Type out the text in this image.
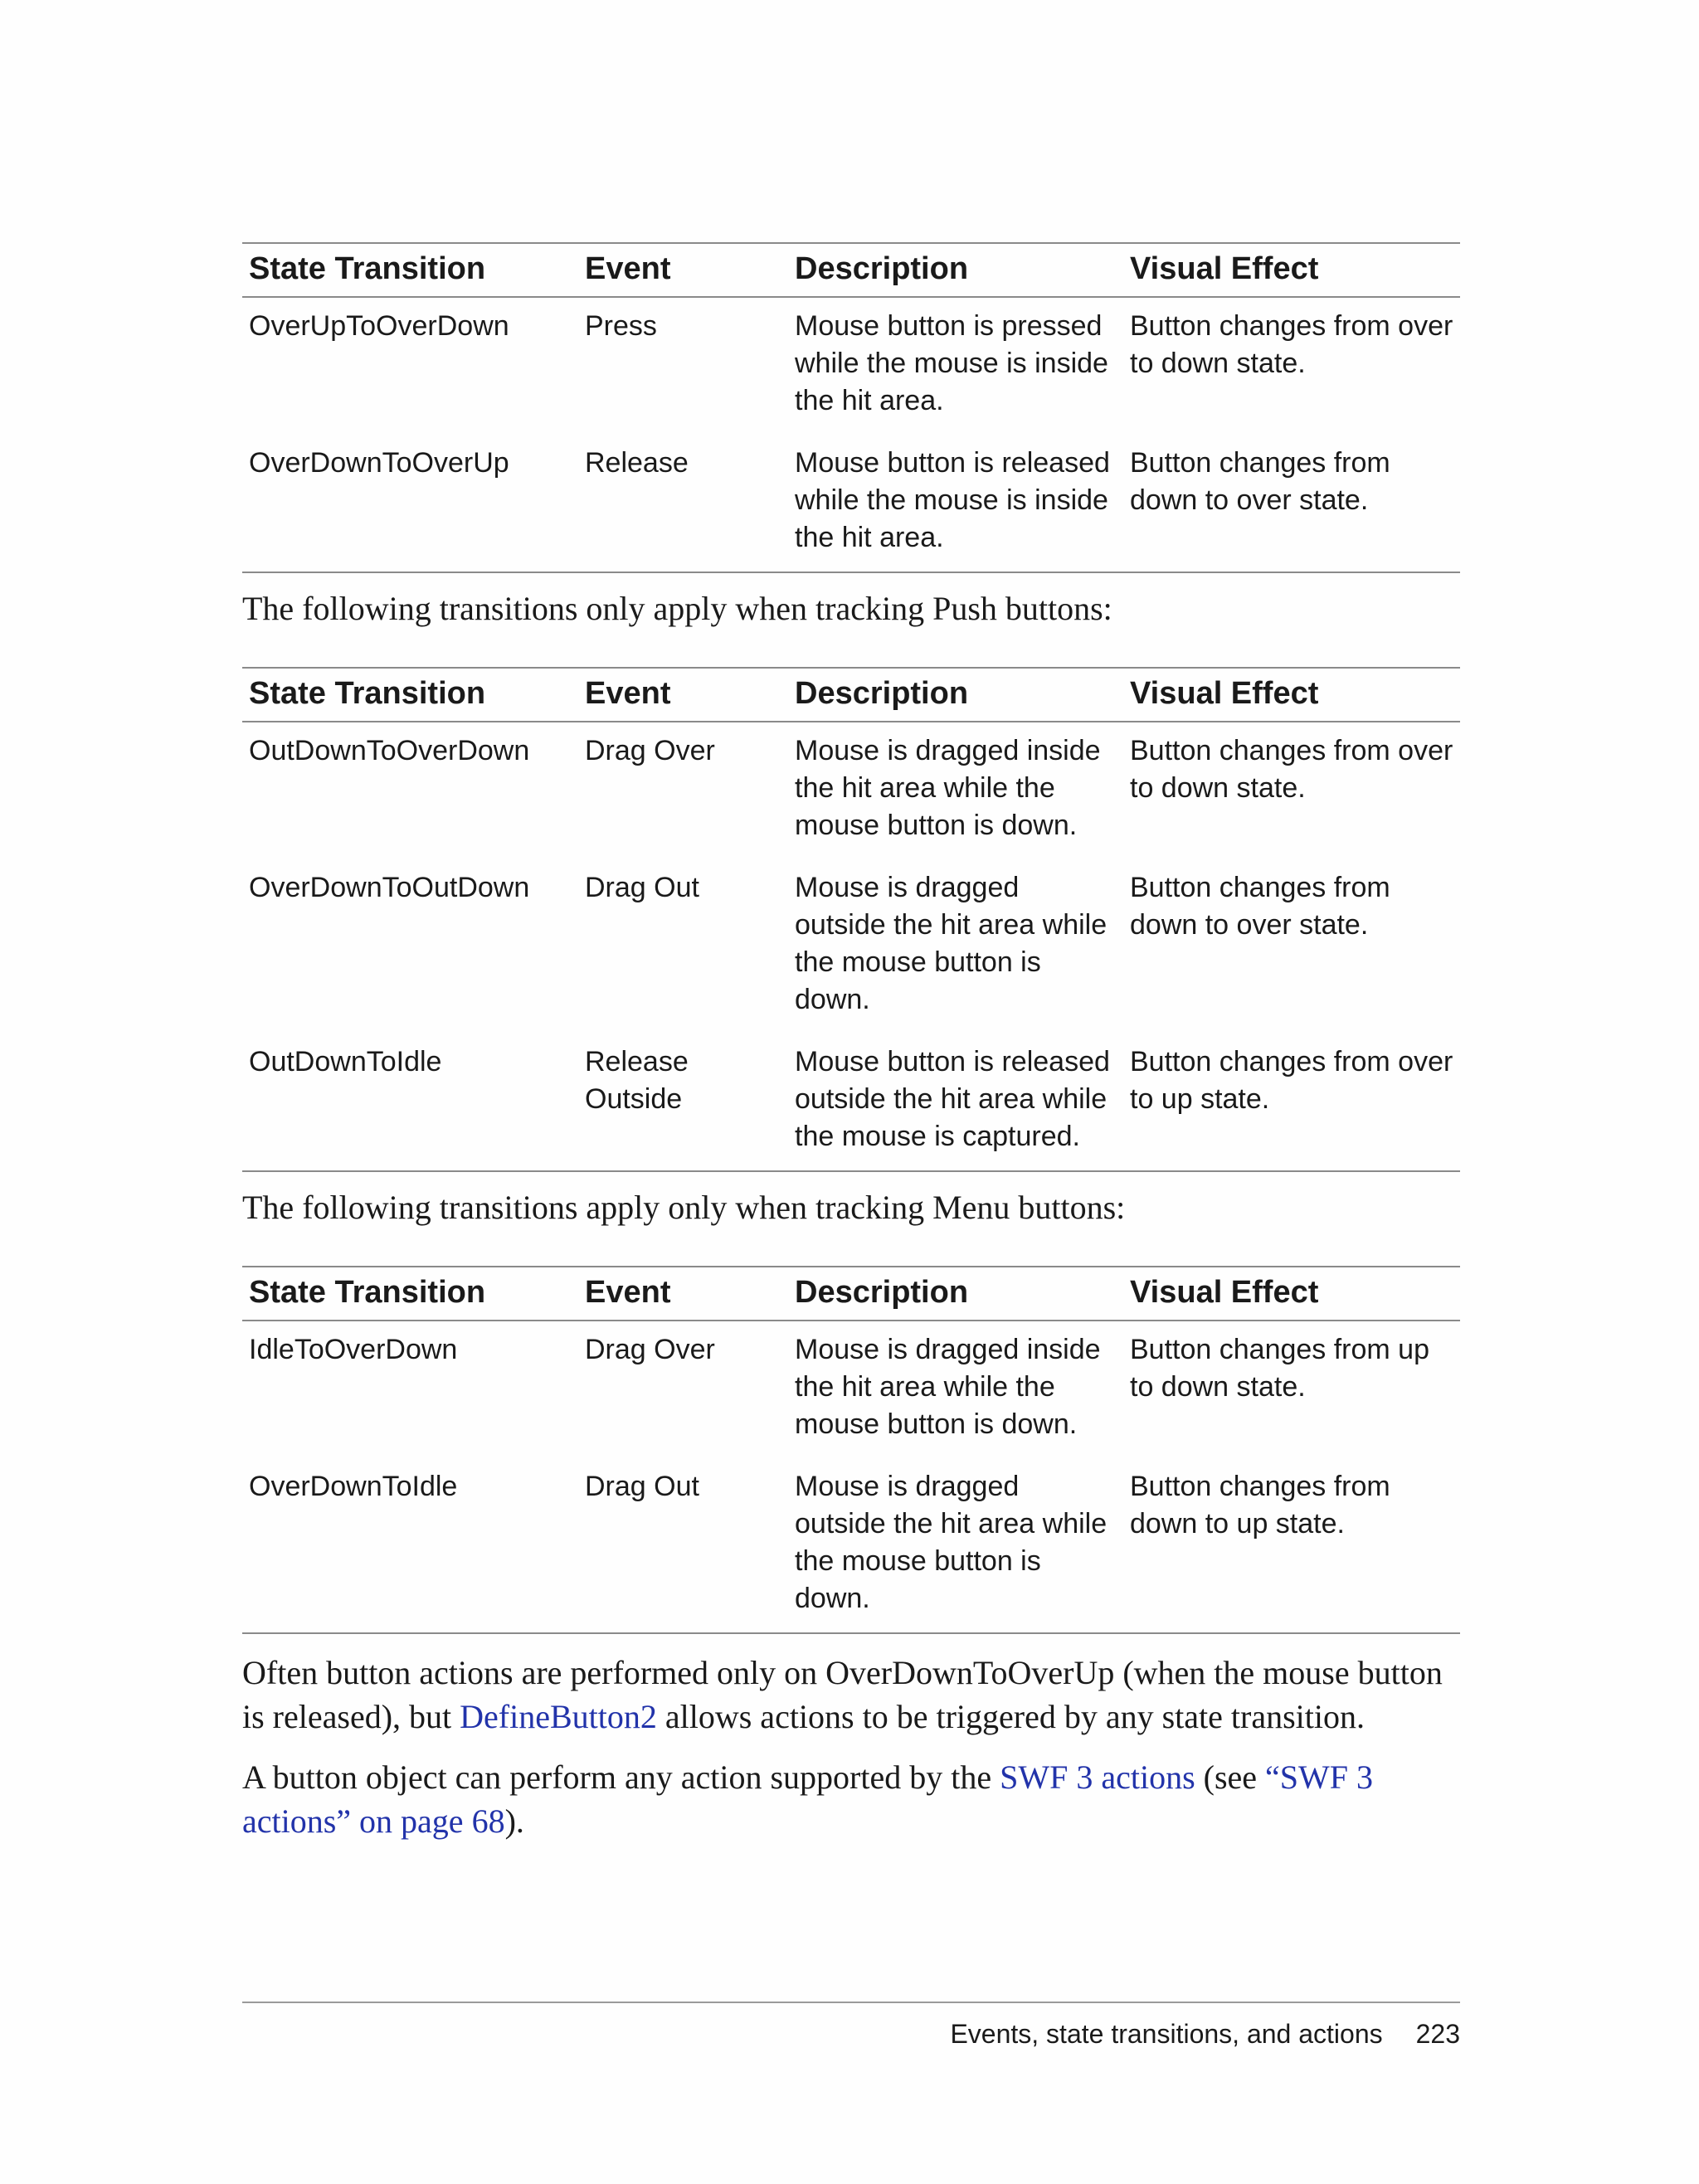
State Transition	Event	Description	Visual Effect
OverUpToOverDown	Press	Mouse button is pressed while the mouse is inside the hit area.	Button changes from over to down state.
OverDownToOverUp	Release	Mouse button is released while the mouse is inside the hit area.	Button changes from down to over state.

The following transitions only apply when tracking Push buttons:

State Transition	Event	Description	Visual Effect
OutDownToOverDown	Drag Over	Mouse is dragged inside the hit area while the mouse button is down.	Button changes from over to down state.
OverDownToOutDown	Drag Out	Mouse is dragged outside the hit area while the mouse button is down.	Button changes from down to over state.
OutDownToIdle	Release Outside	Mouse button is released outside the hit area while the mouse is captured.	Button changes from over to up state.

The following transitions apply only when tracking Menu buttons:

State Transition	Event	Description	Visual Effect
IdleToOverDown	Drag Over	Mouse is dragged inside the hit area while the mouse button is down.	Button changes from up to down state.
OverDownToIdle	Drag Out	Mouse is dragged outside the hit area while the mouse button is down.	Button changes from down to up state.

Often button actions are performed only on OverDownToOverUp (when the mouse button is released), but DefineButton2 allows actions to be triggered by any state transition.

A button object can perform any action supported by the SWF 3 actions (see “SWF 3 actions” on page 68).

Events, state transitions, and actions 223
